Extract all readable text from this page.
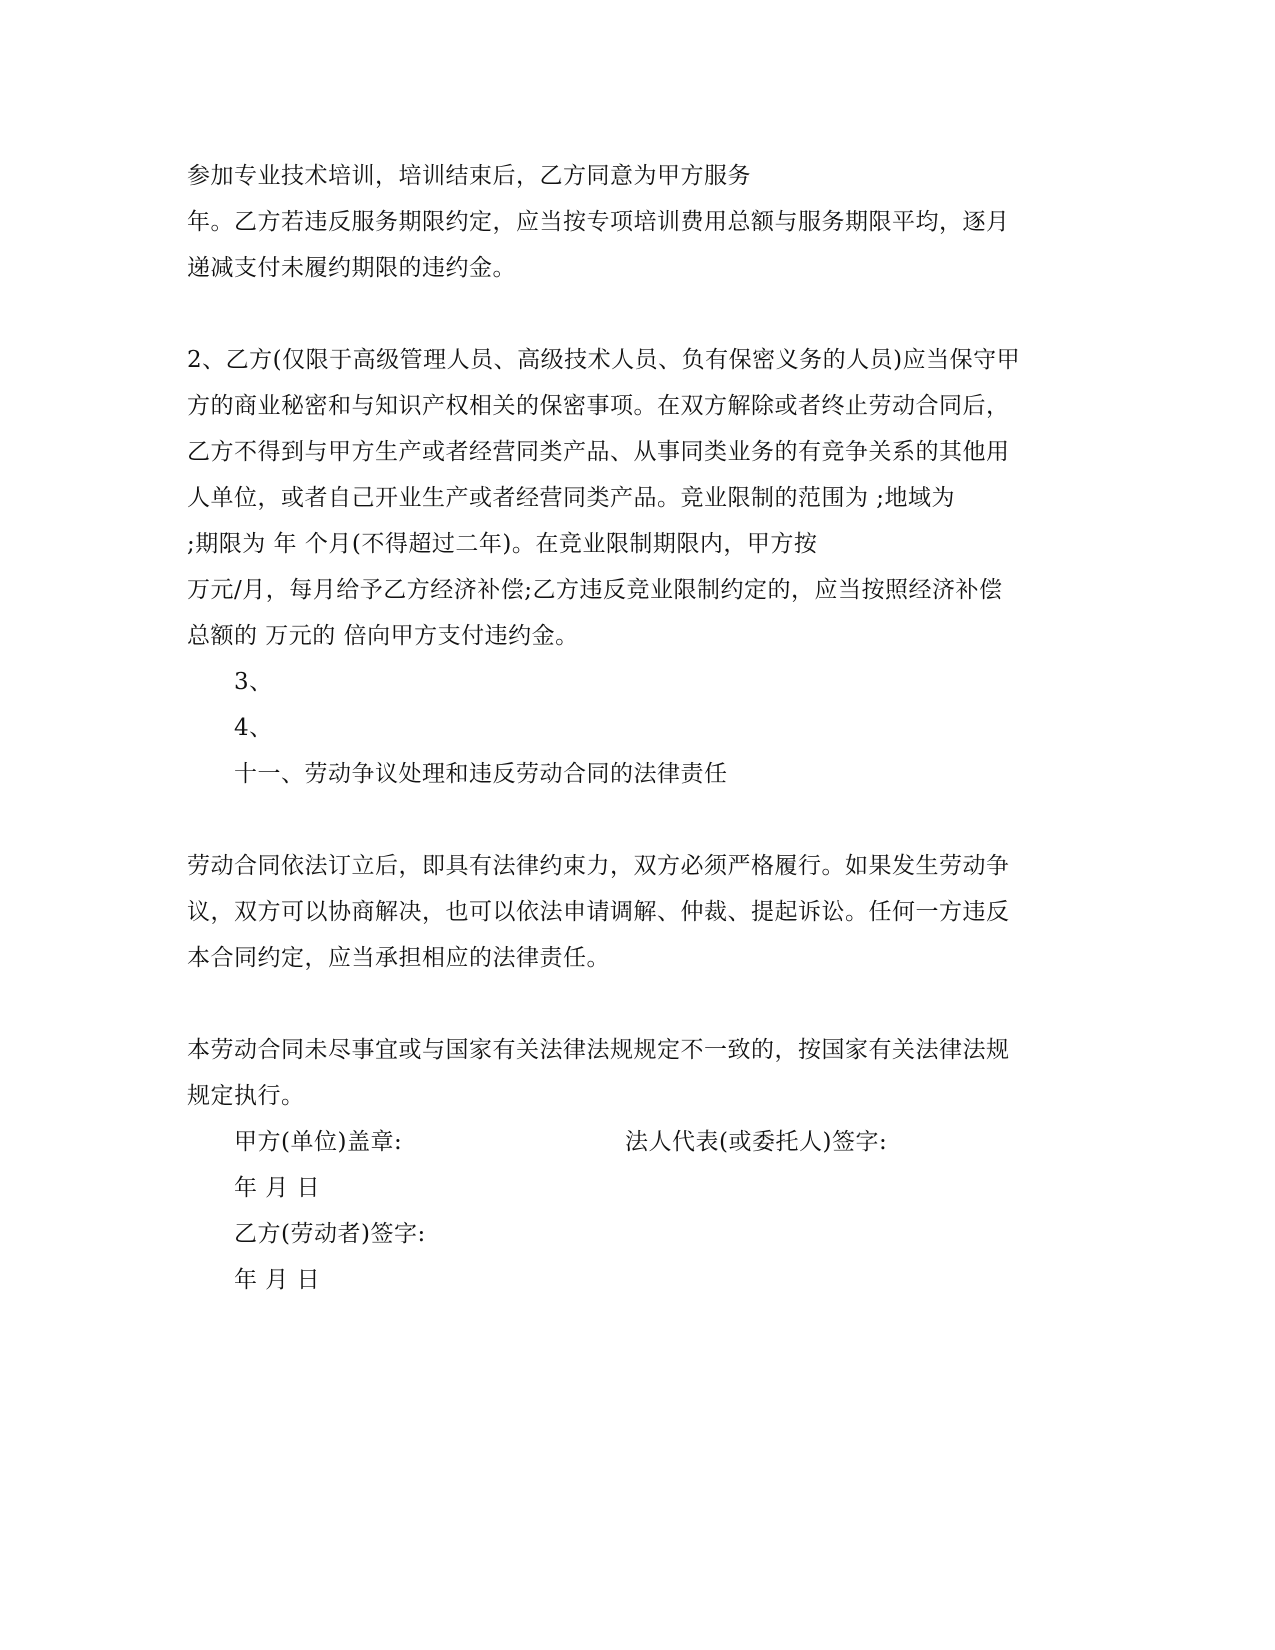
参加专业技术培训，培训结束后，乙方同意为甲方服务
年。乙方若违反服务期限约定，应当按专项培训费用总额与服务期限平均，逐月
递减支付未履约期限的违约金。
2、乙方(仅限于高级管理人员、高级技术人员、负有保密义务的人员)应当保守甲
方的商业秘密和与知识产权相关的保密事项。在双方解除或者终止劳动合同后，
乙方不得到与甲方生产或者经营同类产品、从事同类业务的有竞争关系的其他用
人单位，或者自己开业生产或者经营同类产品。竞业限制的范围为 ;地域为
;期限为 年 个月(不得超过二年)。在竞业限制期限内，甲方按
万元/月，每月给予乙方经济补偿;乙方违反竞业限制约定的，应当按照经济补偿
总额的 万元的 倍向甲方支付违约金。
3、
4、
十一、劳动争议处理和违反劳动合同的法律责任
劳动合同依法订立后，即具有法律约束力，双方必须严格履行。如果发生劳动争
议，双方可以协商解决，也可以依法申请调解、仲裁、提起诉讼。任何一方违反
本合同约定，应当承担相应的法律责任。
本劳动合同未尽事宜或与国家有关法律法规规定不一致的，按国家有关法律法规
规定执行。
甲方(单位)盖章:	法人代表(或委托人)签字:
年 月 日
乙方(劳动者)签字:
年 月 日
